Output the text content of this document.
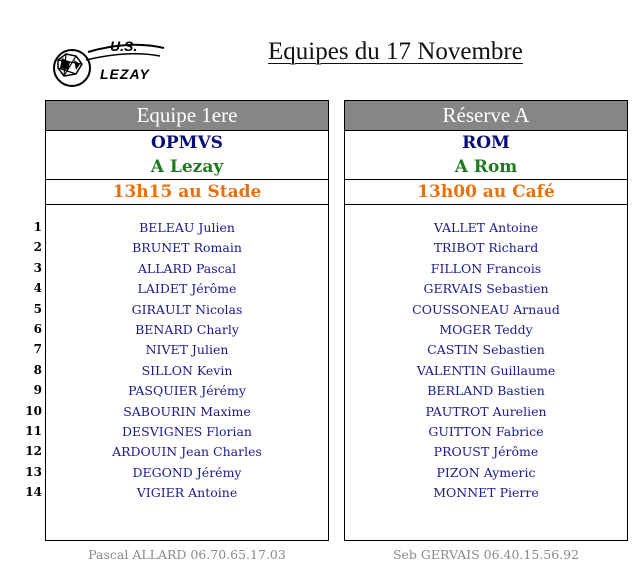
U.S.
LEZAY
Equipes du 17 Novembre
1
2
3
4
5
6
7
8
9
10
11
12
13
14
Equipe 1ere
OPMVS
A Lezay
13h15 au Stade
BELEAU Julien
BRUNET Romain
ALLARD Pascal
LAIDET Jérôme
GIRAULT Nicolas
BENARD Charly
NIVET Julien
SILLON Kevin
PASQUIER Jérémy
SABOURIN Maxime
DESVIGNES Florian
ARDOUIN Jean Charles
DEGOND Jérémy
VIGIER Antoine
Réserve A
ROM
A Rom
13h00 au Café
VALLET Antoine
TRIBOT Richard
FILLON Francois
GERVAIS Sebastien
COUSSONEAU Arnaud
MOGER Teddy
CASTIN Sebastien
VALENTIN Guillaume
BERLAND Bastien
PAUTROT Aurelien
GUITTON Fabrice
PROUST Jérôme
PIZON Aymeric
MONNET Pierre
Pascal ALLARD 06.70.65.17.03	Seb GERVAIS 06.40.15.56.92
